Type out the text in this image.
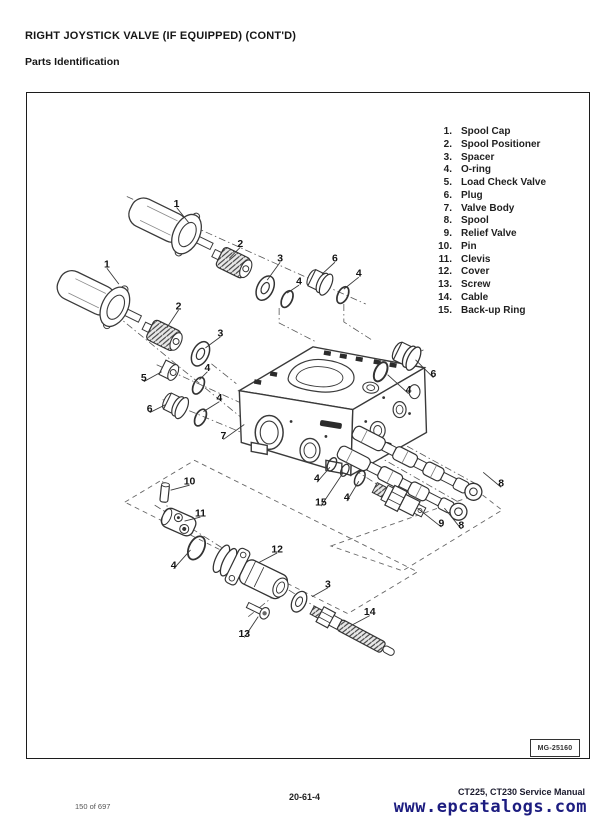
RIGHT JOYSTICK VALVE (IF EQUIPPED) (CONT'D)
Parts Identification
1
2
3
4
6
4
1
2
3
5
4
6
4
7
6
4
4
15 4
8
8
9
10
11
4
12
3
13
14
1. Spool Cap
2. Spool Positioner
3. Spacer
4. O-ring
5. Load Check Valve
6. Plug
7. Valve Body
8. Spool
9. Relief Valve
10. Pin
11. Clevis
12. Cover
13. Screw
14. Cable
15. Back-up Ring
MG-25160
150 of 697
20-61-4	CT225, CT230 Service Manual
www.epcatalogs.com
